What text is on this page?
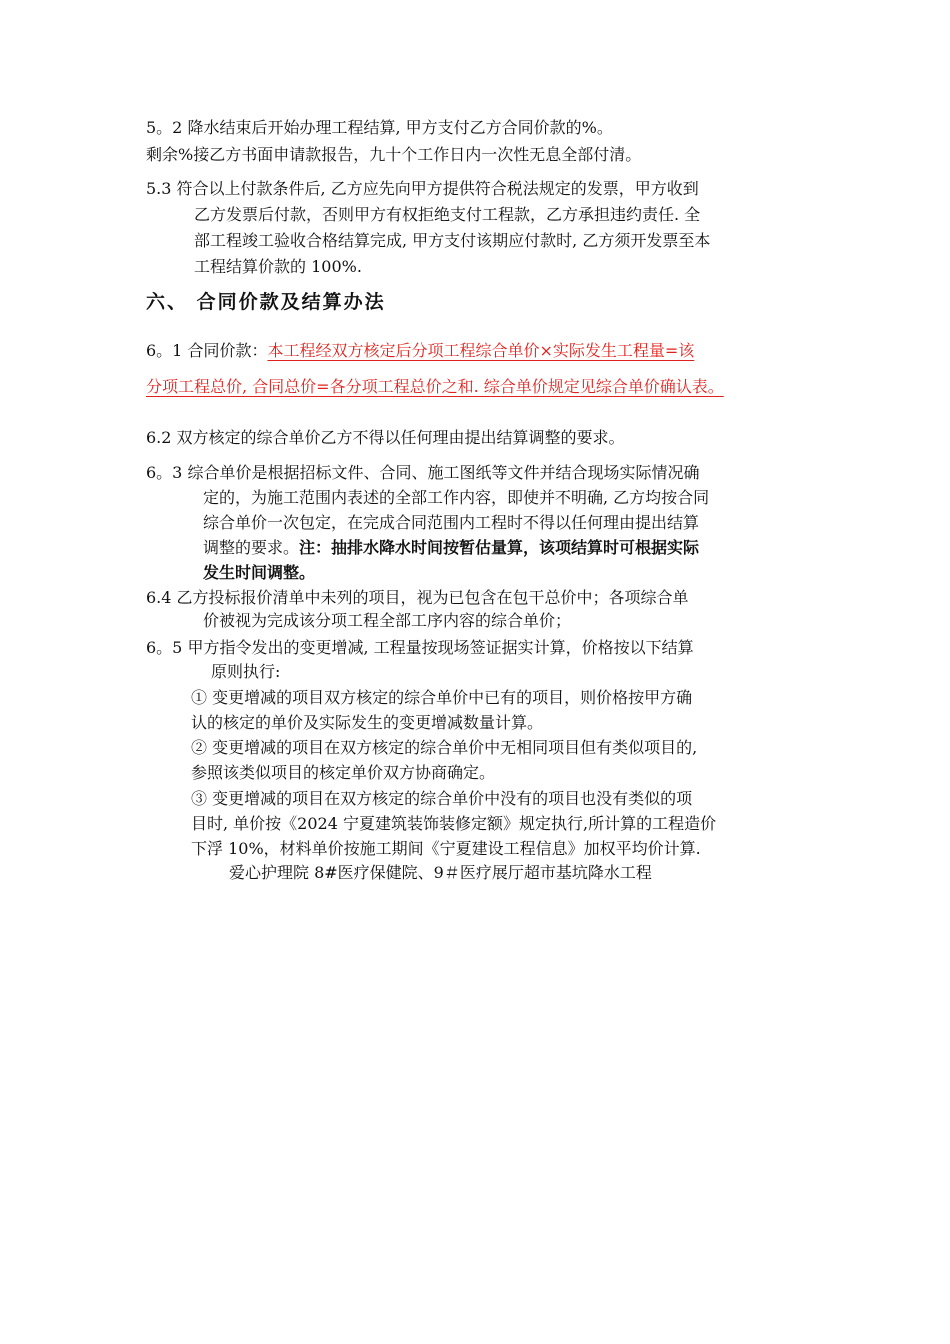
5。2 降水结束后开始办理工程结算, 甲方支付乙方合同价款的%。
剩余%接乙方书面申请款报告，九十个工作日内一次性无息全部付清。
5.3 符合以上付款条件后, 乙方应先向甲方提供符合税法规定的发票，甲方收到
乙方发票后付款，否则甲方有权拒绝支付工程款，乙方承担违约责任. 全
部工程竣工验收合格结算完成, 甲方支付该期应付款时, 乙方须开发票至本
工程结算价款的 100%.
六、 合同价款及结算办法
6。1 合同价款：本工程经双方核定后分项工程综合单价×实际发生工程量=该
分项工程总价, 合同总价=各分项工程总价之和. 综合单价规定见综合单价确认表。
6.2 双方核定的综合单价乙方不得以任何理由提出结算调整的要求。
6。3 综合单价是根据招标文件、合同、施工图纸等文件并结合现场实际情况确
定的，为施工范围内表述的全部工作内容，即使并不明确, 乙方均按合同
综合单价一次包定，在完成合同范围内工程时不得以任何理由提出结算
调整的要求。注：抽排水降水时间按暂估量算，该项结算时可根据实际
发生时间调整。
6.4 乙方投标报价清单中未列的项目，视为已包含在包干总价中；各项综合单
价被视为完成该分项工程全部工序内容的综合单价；
6。5 甲方指令发出的变更增减, 工程量按现场签证据实计算，价格按以下结算
原则执行:
① 变更增减的项目双方核定的综合单价中已有的项目，则价格按甲方确
认的核定的单价及实际发生的变更增减数量计算。
② 变更增减的项目在双方核定的综合单价中无相同项目但有类似项目的,
参照该类似项目的核定单价双方协商确定。
③ 变更增减的项目在双方核定的综合单价中没有的项目也没有类似的项
目时, 单价按《2024 宁夏建筑装饰装修定额》规定执行,所计算的工程造价
下浮 10%，材料单价按施工期间《宁夏建设工程信息》加权平均价计算.
爱心护理院 8#医疗保健院、9＃医疗展厅超市基坑降水工程
